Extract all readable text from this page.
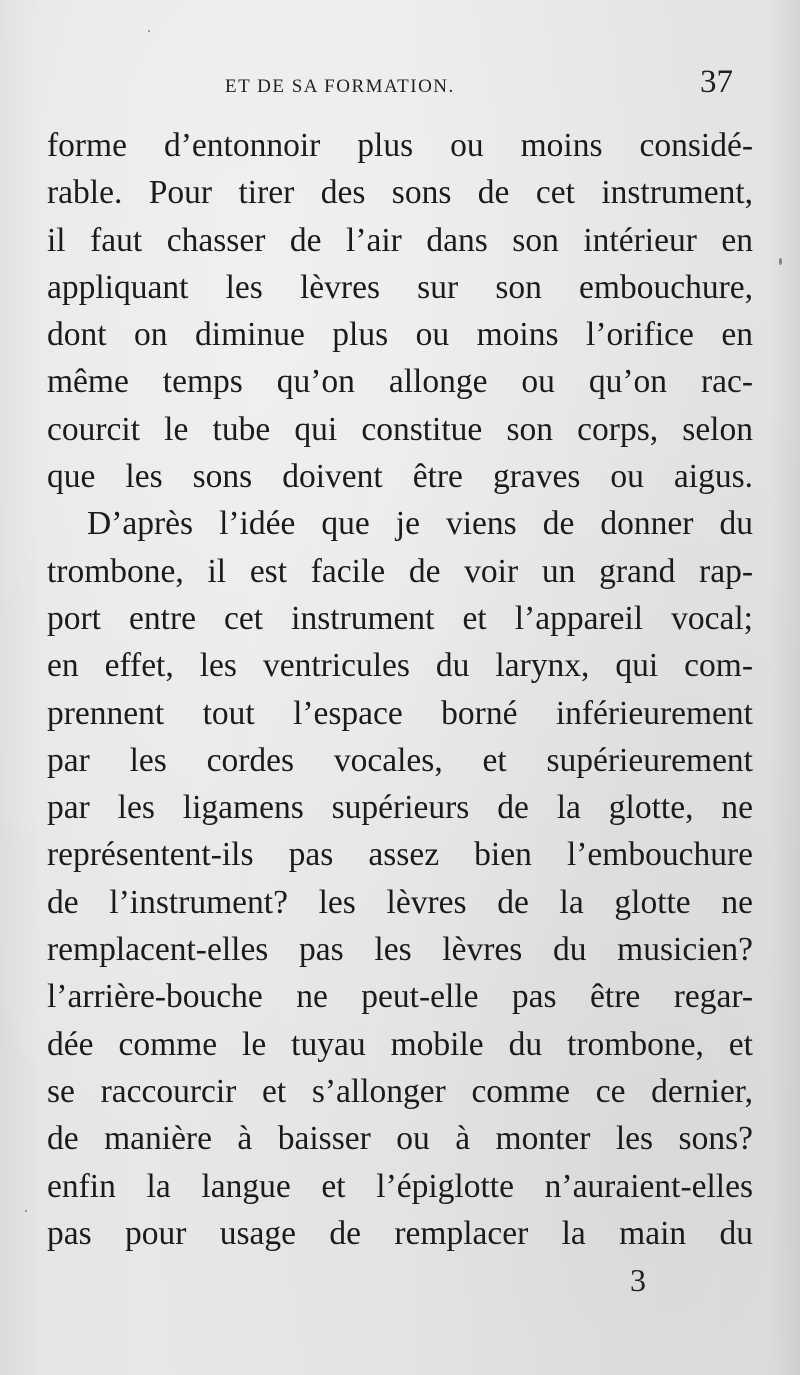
ET DE SA FORMATION.	37
forme d’entonnoir plus ou moins considé-
rable. Pour tirer des sons de cet instrument,
il faut chasser de l’air dans son intérieur en
appliquant les lèvres sur son embouchure,
dont on diminue plus ou moins l’orifice en
même temps qu’on allonge ou qu’on rac-
courcit le tube qui constitue son corps, selon
que les sons doivent être graves ou aigus.
D’après l’idée que je viens de donner du
trombone, il est facile de voir un grand rap-
port entre cet instrument et l’appareil vocal;
en effet, les ventricules du larynx, qui com-
prennent tout l’espace borné inférieurement
par les cordes vocales, et supérieurement
par les ligamens supérieurs de la glotte, ne
représentent-ils pas assez bien l’embouchure
de l’instrument? les lèvres de la glotte ne
remplacent-elles pas les lèvres du musicien?
l’arrière-bouche ne peut-elle pas être regar-
dée comme le tuyau mobile du trombone, et
se raccourcir et s’allonger comme ce dernier,
de manière à baisser ou à monter les sons?
enfin la langue et l’épiglotte n’auraient-elles
pas pour usage de remplacer la main du
3
